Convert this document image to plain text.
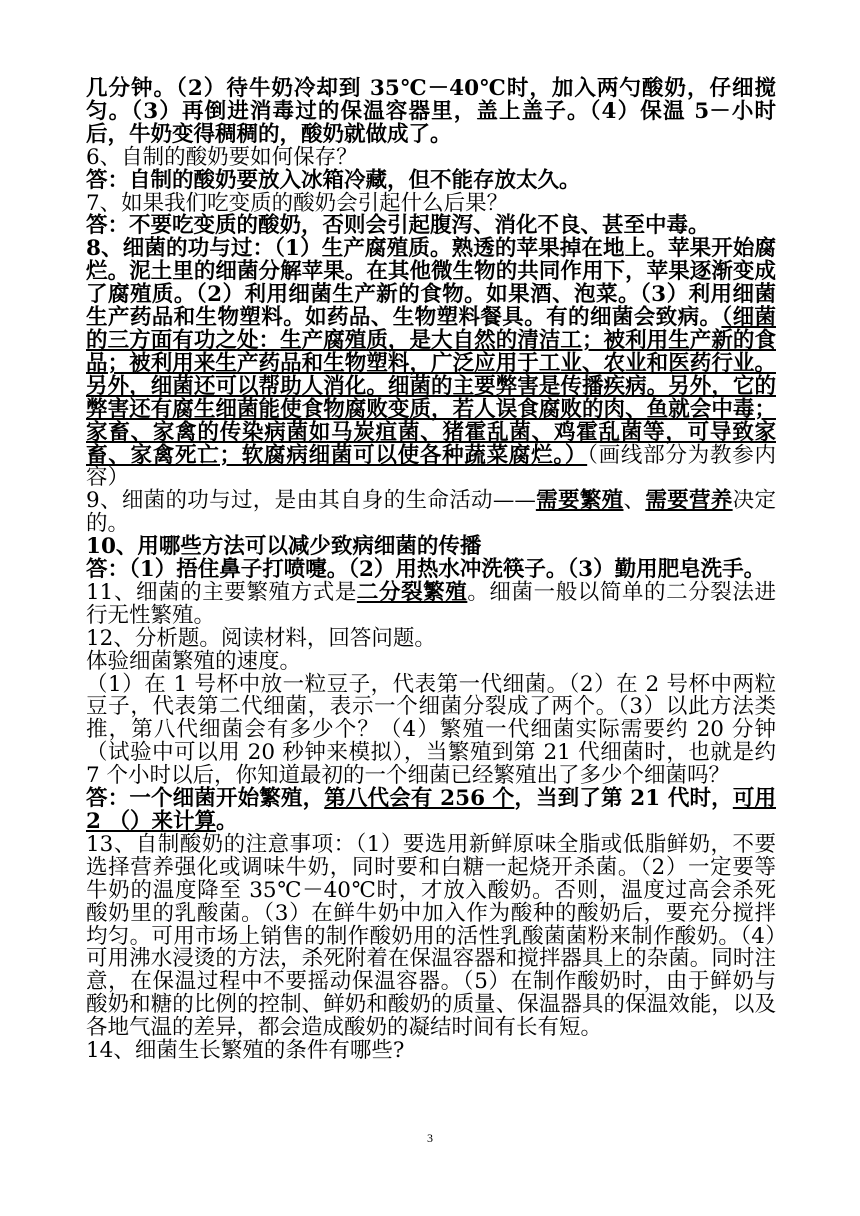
几分钟。（2）待牛奶冷却到 35℃－40℃时，加入两勺酸奶，仔细搅匀。（3）再倒进消毒过的保温容器里，盖上盖子。（4）保温 5－小时后，牛奶变得稠稠的，酸奶就做成了。

6、自制的酸奶要如何保存？

答：自制的酸奶要放入冰箱冷藏，但不能存放太久。

7、如果我们吃变质的酸奶会引起什么后果？

答：不要吃变质的酸奶，否则会引起腹泻、消化不良、甚至中毒。

8、细菌的功与过：（1）生产腐殖质。熟透的苹果掉在地上。苹果开始腐烂。泥土里的细菌分解苹果。在其他微生物的共同作用下，苹果逐渐变成了腐殖质。（2）利用细菌生产新的食物。如果酒、泡菜。（3）利用细菌生产药品和生物塑料。如药品、生物塑料餐具。有的细菌会致病。（细菌的三方面有功之处：生产腐殖质，是大自然的清洁工；被利用生产新的食品；被利用来生产药品和生物塑料，广泛应用于工业、农业和医药行业。另外，细菌还可以帮助人消化。细菌的主要弊害是传播疾病。另外，它的弊害还有腐生细菌能使食物腐败变质，若人误食腐败的肉、鱼就会中毒；家畜、家禽的传染病菌如马炭疽菌、猪霍乱菌、鸡霍乱菌等，可导致家畜、家禽死亡；软腐病细菌可以使各种蔬菜腐烂。）（画线部分为教参内容）

9、细菌的功与过，是由其自身的生命活动——需要繁殖、需要营养决定的。

10、用哪些方法可以减少致病细菌的传播

答：（1）捂住鼻子打喷嚏。（2）用热水冲洗筷子。（3）勤用肥皂洗手。

11、细菌的主要繁殖方式是二分裂繁殖。细菌一般以简单的二分裂法进行无性繁殖。

12、分析题。阅读材料，回答问题。

体验细菌繁殖的速度。

（1）在 1 号杯中放一粒豆子，代表第一代细菌。（2）在 2 号杯中两粒豆子，代表第二代细菌，表示一个细菌分裂成了两个。（3）以此方法类推，第八代细菌会有多少个？（4）繁殖一代细菌实际需要约 20 分钟（试验中可以用 20 秒钟来模拟），当繁殖到第 21 代细菌时，也就是约 7 个小时以后，你知道最初的一个细菌已经繁殖出了多少个细菌吗？

答：一个细菌开始繁殖，第八代会有 256 个，当到了第 21 代时，可用 2 （）来计算。

13、自制酸奶的注意事项：（1）要选用新鲜原味全脂或低脂鲜奶，不要选择营养强化或调味牛奶，同时要和白糖一起烧开杀菌。（2）一定要等牛奶的温度降至 35℃－40℃时，才放入酸奶。否则，温度过高会杀死酸奶里的乳酸菌。（3）在鲜牛奶中加入作为酸种的酸奶后，要充分搅拌均匀。可用市场上销售的制作酸奶用的活性乳酸菌菌粉来制作酸奶。（4）可用沸水浸烫的方法，杀死附着在保温容器和搅拌器具上的杂菌。同时注意，在保温过程中不要摇动保温容器。（5）在制作酸奶时，由于鲜奶与酸奶和糖的比例的控制、鲜奶和酸奶的质量、保温器具的保温效能，以及各地气温的差异，都会造成酸奶的凝结时间有长有短。

14、细菌生长繁殖的条件有哪些?

3
